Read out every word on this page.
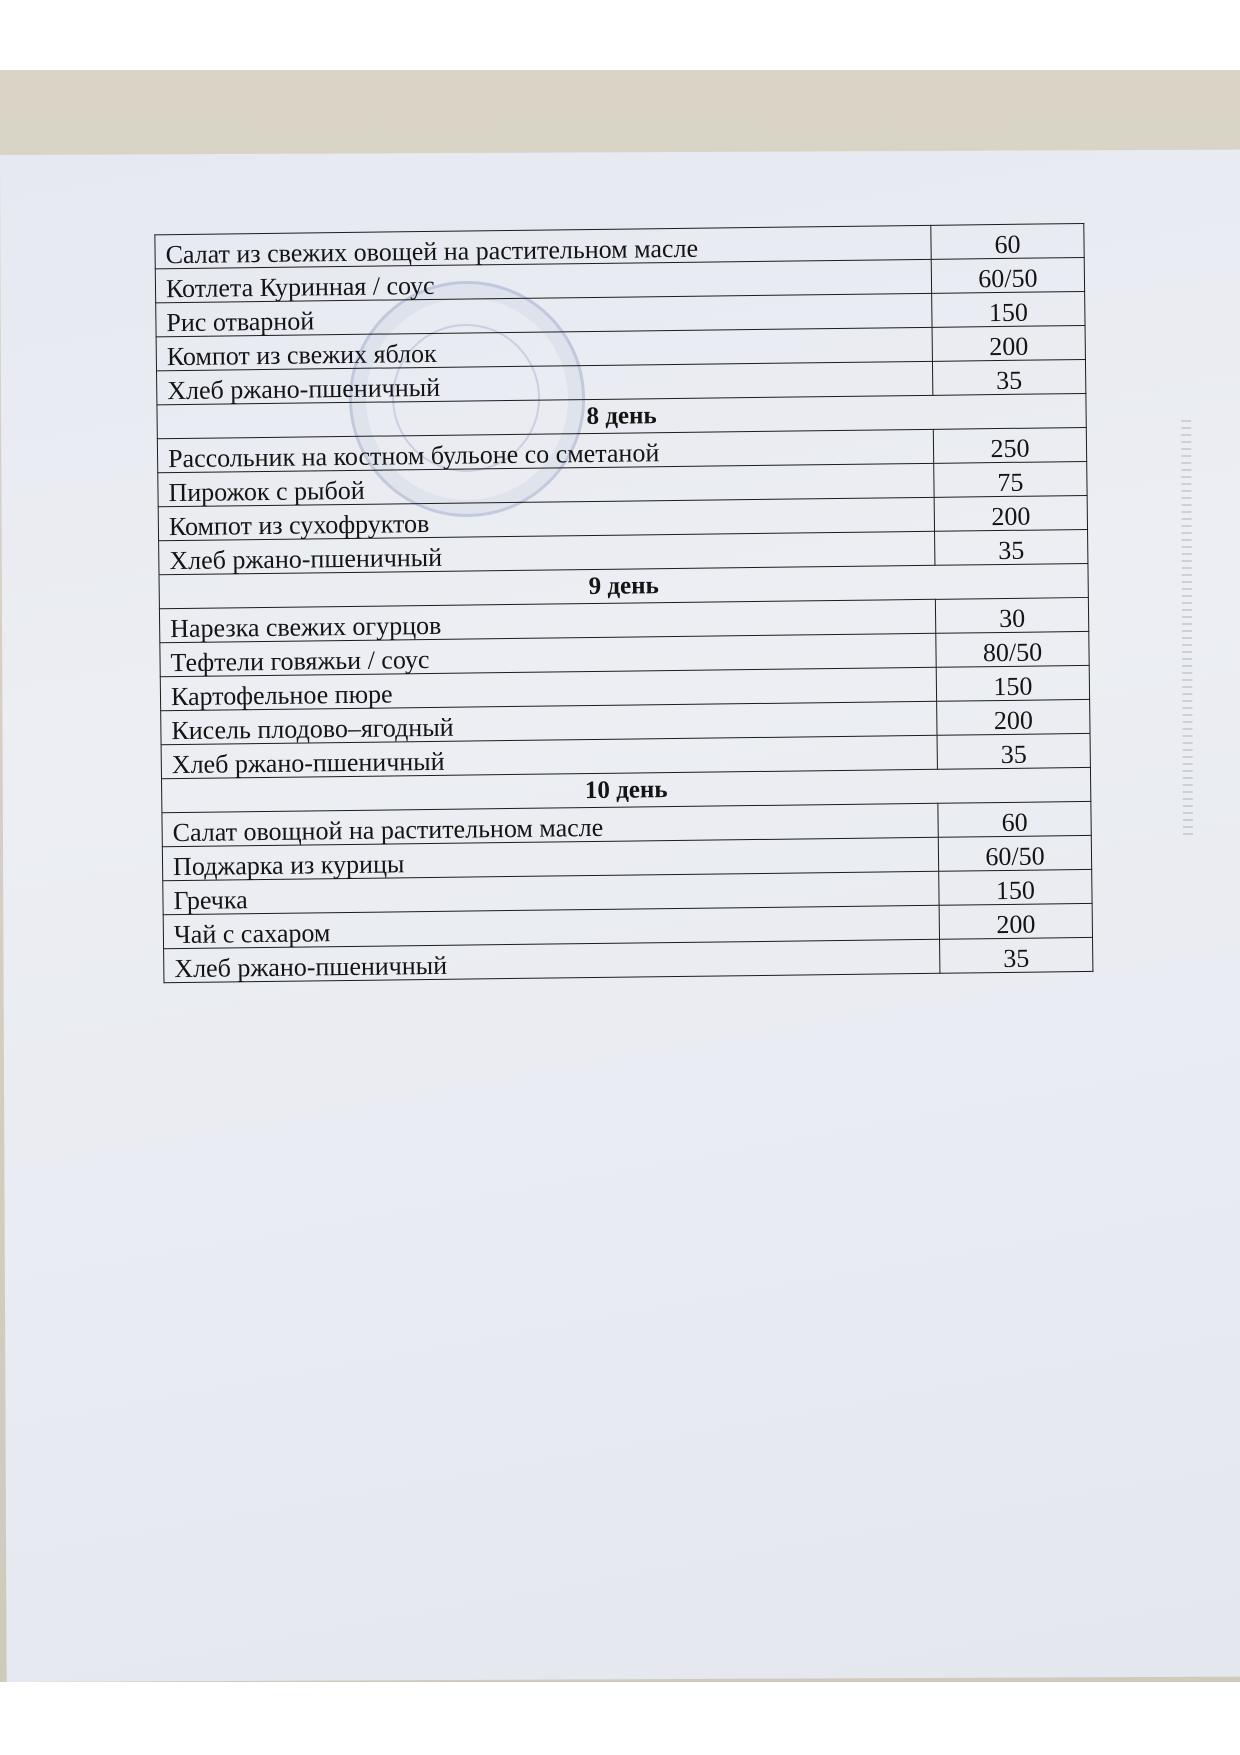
Салат из свежих овощей на растительном масле	60
Котлета Куринная / соус	60/50
Рис отварной	150
Компот из свежих яблок	200
Хлеб ржано-пшеничный	35
8 день	
Рассольник на костном бульоне со сметаной	250
Пирожок с рыбой	75
Компот из сухофруктов	200
Хлеб ржано-пшеничный	35
9 день	
Нарезка свежих огурцов	30
Тефтели говяжьи / соус	80/50
Картофельное пюре	150
Кисель плодово–ягодный	200
Хлеб ржано-пшеничный	35
10 день	
Салат овощной на растительном масле	60
Поджарка из курицы	60/50
Гречка	150
Чай с сахаром	200
Хлеб ржано-пшеничный	35
